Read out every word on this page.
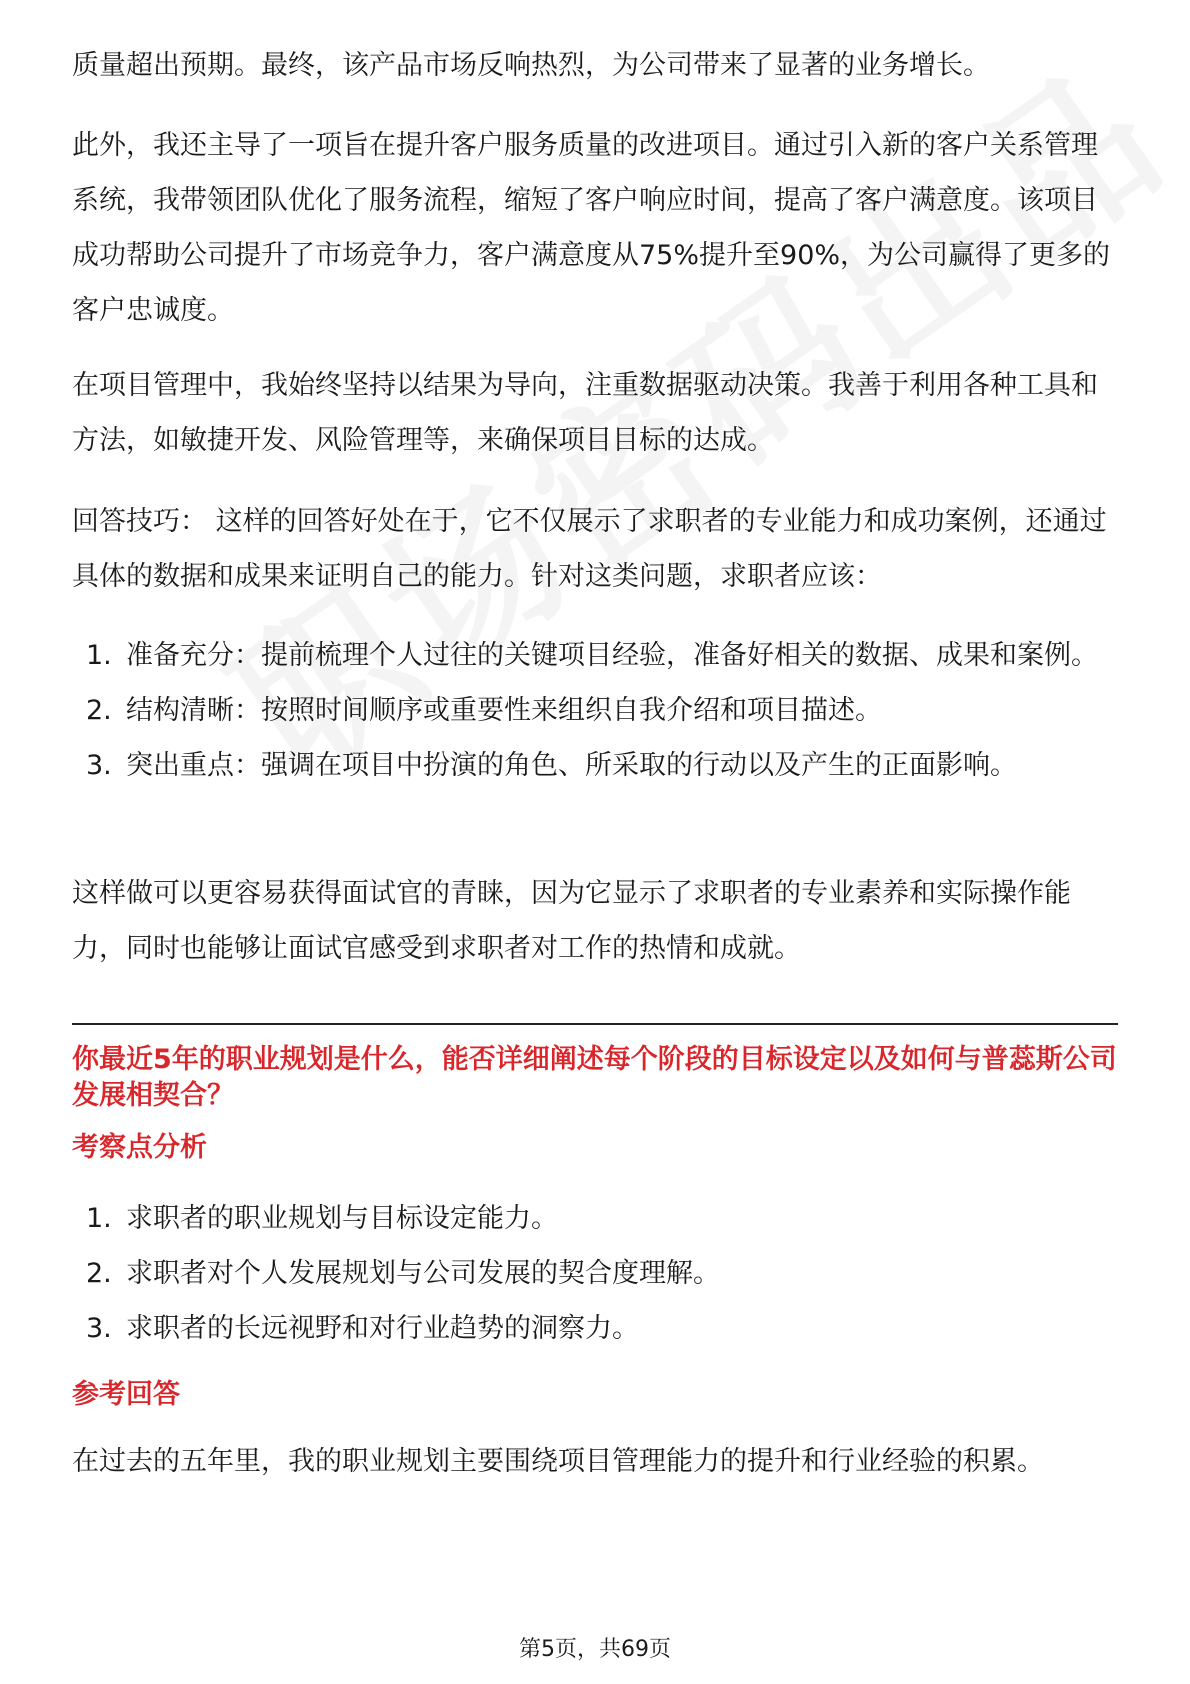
质量超出预期。最终，该产品市场反响热烈，为公司带来了显著的业务增长。

此外，我还主导了一项旨在提升客户服务质量的改进项目。通过引入新的客户关系管理系统，我带领团队优化了服务流程，缩短了客户响应时间，提高了客户满意度。该项目成功帮助公司提升了市场竞争力，客户满意度从75%提升至90%，为公司赢得了更多的客户忠诚度。

在项目管理中，我始终坚持以结果为导向，注重数据驱动决策。我善于利用各种工具和方法，如敏捷开发、风险管理等，来确保项目目标的达成。

回答技巧： 这样的回答好处在于，它不仅展示了求职者的专业能力和成功案例，还通过具体的数据和成果来证明自己的能力。针对这类问题，求职者应该：

1. 准备充分：提前梳理个人过往的关键项目经验，准备好相关的数据、成果和案例。
2. 结构清晰：按照时间顺序或重要性来组织自我介绍和项目描述。
3. 突出重点：强调在项目中扮演的角色、所采取的行动以及产生的正面影响。

这样做可以更容易获得面试官的青睐，因为它显示了求职者的专业素养和实际操作能力，同时也能够让面试官感受到求职者对工作的热情和成就。

你最近5年的职业规划是什么，能否详细阐述每个阶段的目标设定以及如何与普蕊斯公司发展相契合？

考察点分析

1. 求职者的职业规划与目标设定能力。
2. 求职者对个人发展规划与公司发展的契合度理解。
3. 求职者的长远视野和对行业趋势的洞察力。

参考回答

在过去的五年里，我的职业规划主要围绕项目管理能力的提升和行业经验的积累。

第5页，共69页
